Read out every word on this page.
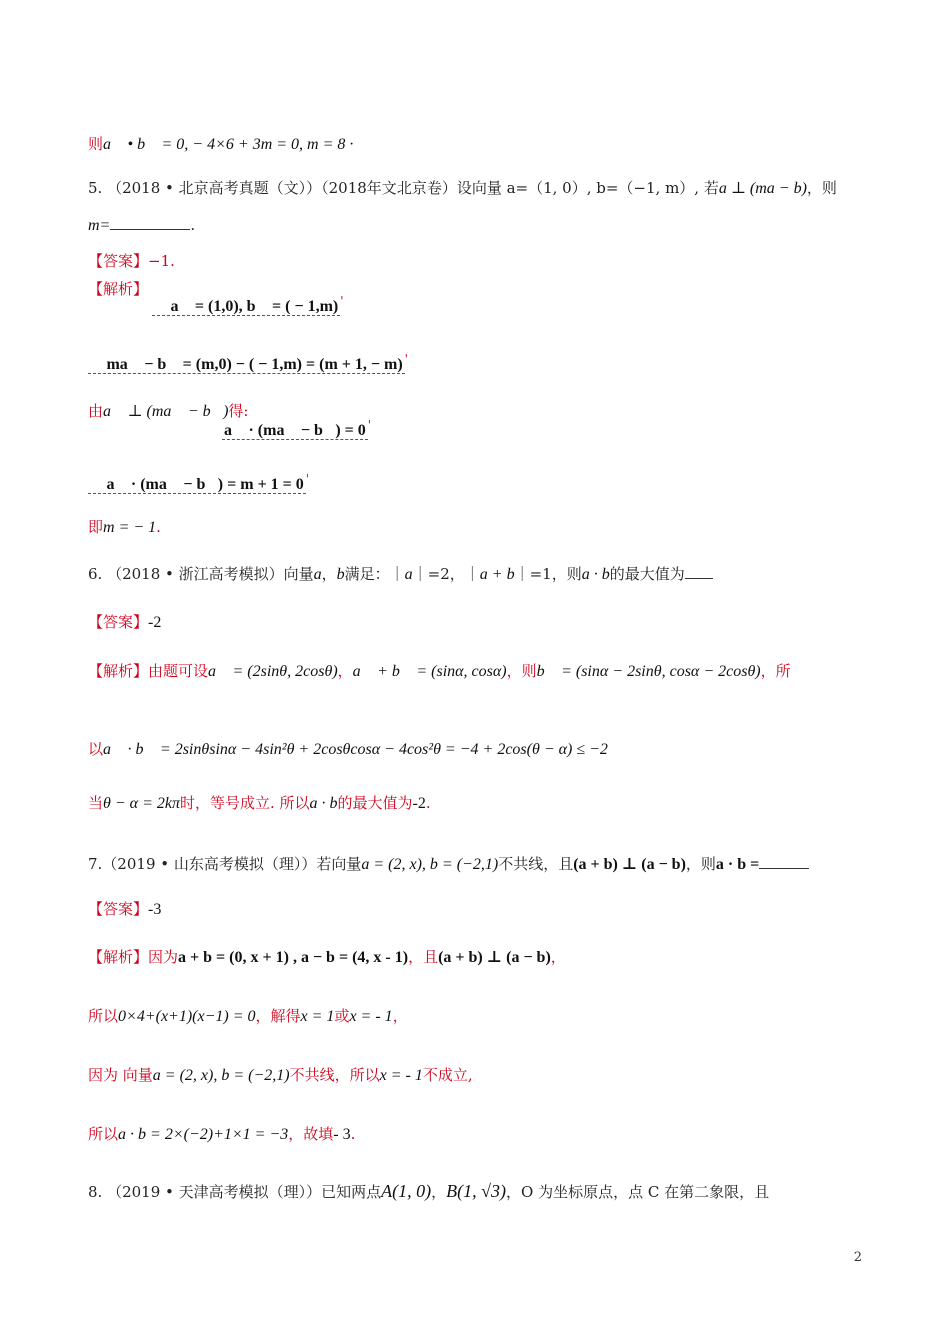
则a⃗ • b⃗ = 0, − 4×6 + 3m = 0, m = 8 ·
5. （2018 • 北京高考真题（文））（2018年文北京卷）设向量 a=（1, 0）, b=（−1, m）, 若a ⊥ (ma − b)，则
m=	.
【答案】−1.
【解析】
∵ a⃗ = (1,0), b⃗ = ( − 1,m) '
∴ ma⃗ − b⃗ = (m,0) − ( − 1,m) = (m + 1, − m) '
由a⃗ ⊥ (ma⃗ − b⃗)得:
a⃗ · (ma⃗ − b⃗) = 0 '
∴ a⃗ · (ma⃗ − b⃗) = m + 1 = 0 '
即m = − 1.
6. （2018 • 浙江高考模拟）向量a，b满足：｜a｜=2，｜a + b｜=1，则a · b的最大值为
【答案】-2
【解析】由题可设a⃗ = (2sinθ, 2cosθ)，a⃗ + b⃗ = (sinα, cosα)，则b⃗ = (sinα − 2sinθ, cosα − 2cosθ)，所
以a⃗ · b⃗ = 2sinθsinα − 4sin²θ + 2cosθcosα − 4cos²θ = −4 + 2cos(θ − α) ≤ −2
当θ − α = 2kπ时，等号成立. 所以a · b的最大值为-2.
7.（2019 • 山东高考模拟（理））若向量a = (2, x), b = (−2,1)不共线，且(a + b) ⊥ (a − b)，则a · b =
【答案】-3
【解析】因为a + b = (0, x + 1) , a − b = (4, x - 1)，且(a + b) ⊥ (a − b)，
所以0×4+(x+1)(x−1) = 0，解得x = 1或x = - 1，
因为 向量a = (2, x), b = (−2,1)不共线，所以x = - 1不成立,
所以a · b = 2×(−2)+1×1 = −3，故填- 3.
8. （2019 • 天津高考模拟（理））已知两点A(1, 0)，B(1, √3)，O 为坐标原点，点 C 在第二象限，且
2
